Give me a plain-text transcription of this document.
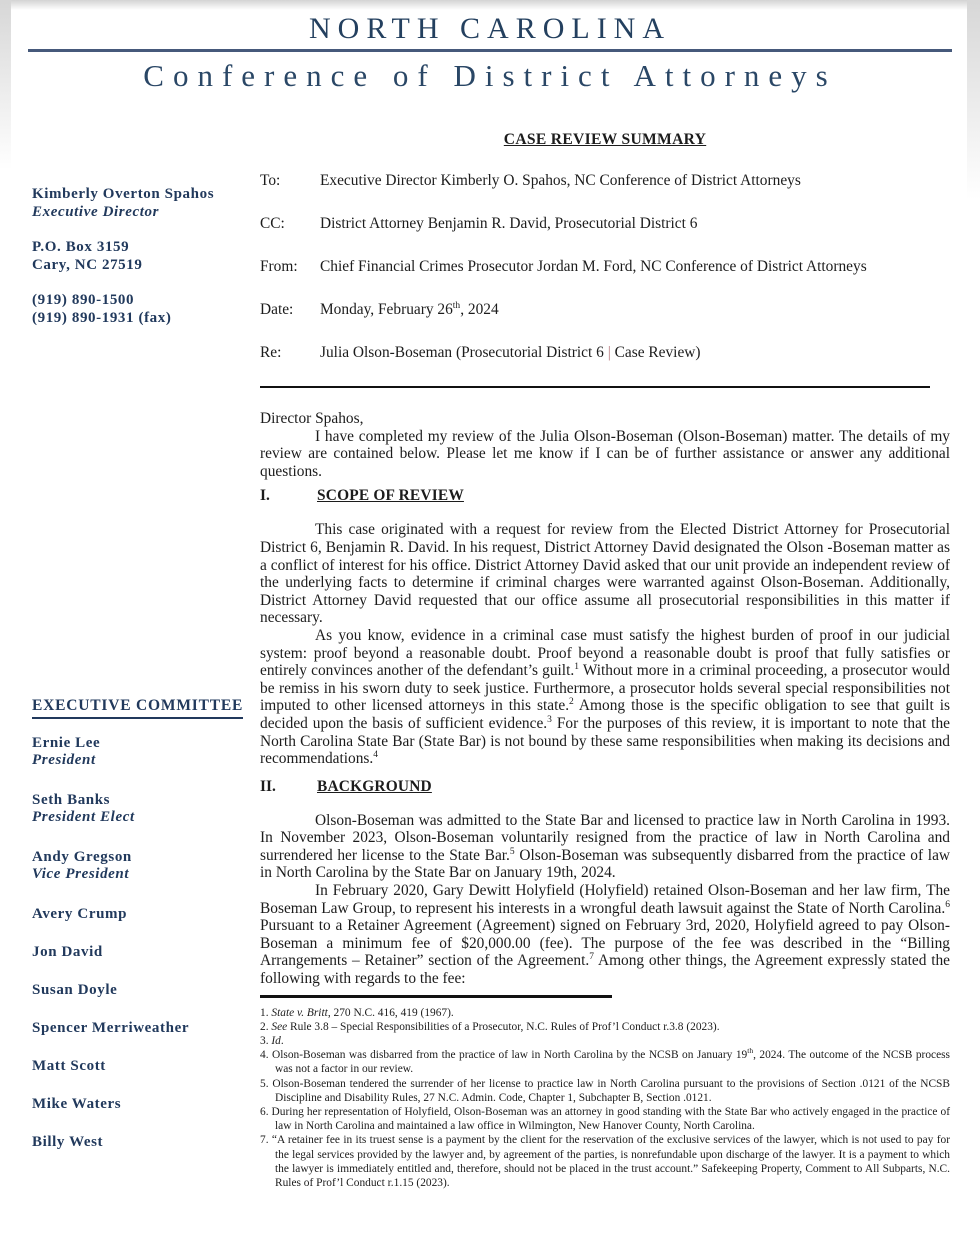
NORTH CAROLINA
Conference of District Attorneys
Kimberly Overton Spahos
Executive Director
P.O. Box 3159
Cary, NC 27519
(919) 890-1500
(919) 890-1931 (fax)
EXECUTIVE COMMITTEE
Ernie Lee
President
Seth Banks
President Elect
Andy Gregson
Vice President
Avery Crump
Jon David
Susan Doyle
Spencer Merriweather
Matt Scott
Mike Waters
Billy West
CASE REVIEW SUMMARY
To:	Executive Director Kimberly O. Spahos, NC Conference of District Attorneys
CC:	District Attorney Benjamin R. David, Prosecutorial District 6
From:	Chief Financial Crimes Prosecutor Jordan M. Ford, NC Conference of District Attorneys
Date:	Monday, February 26th, 2024
Re:	Julia Olson-Boseman (Prosecutorial District 6 | Case Review)

Director Spahos,

I have completed my review of the Julia Olson-Boseman (Olson-Boseman) matter. The details of my review are contained below. Please let me know if I can be of further assistance or answer any additional questions.

I.	SCOPE OF REVIEW

This case originated with a request for review from the Elected District Attorney for Prosecutorial District 6, Benjamin R. David. In his request, District Attorney David designated the Olson -Boseman matter as a conflict of interest for his office. District Attorney David asked that our unit provide an independent review of the underlying facts to determine if criminal charges were warranted against Olson-Boseman. Additionally, District Attorney David requested that our office assume all prosecutorial responsibilities in this matter if necessary.

As you know, evidence in a criminal case must satisfy the highest burden of proof in our judicial system: proof beyond a reasonable doubt. Proof beyond a reasonable doubt is proof that fully satisfies or entirely convinces another of the defendant’s guilt.$^1$ Without more in a criminal proceeding, a prosecutor would be remiss in his sworn duty to seek justice. Furthermore, a prosecutor holds several special responsibilities not imputed to other licensed attorneys in this state.$^2$ Among those is the specific obligation to see that guilt is decided upon the basis of sufficient evidence.$^3$ For the purposes of this review, it is important to note that the North Carolina State Bar (State Bar) is not bound by these same responsibilities when making its decisions and recommendations.$^4$

II.	BACKGROUND

Olson-Boseman was admitted to the State Bar and licensed to practice law in North Carolina in 1993. In November 2023, Olson-Boseman voluntarily resigned from the practice of law in North Carolina and surrendered her license to the State Bar.$^5$ Olson-Boseman was subsequently disbarred from the practice of law in North Carolina by the State Bar on January 19th, 2024.

In February 2020, Gary Dewitt Holyfield (Holyfield) retained Olson-Boseman and her law firm, The Boseman Law Group, to represent his interests in a wrongful death lawsuit against the State of North Carolina.$^6$ Pursuant to a Retainer Agreement (Agreement) signed on February 3rd, 2020, Holyfield agreed to pay Olson-Boseman a minimum fee of $20,000.00 (fee). The purpose of the fee was described in the “Billing Arrangements – Retainer” section of the Agreement.$^7$ Among other things, the Agreement expressly stated the following with regards to the fee:

1. State v. Britt, 270 N.C. 416, 419 (1967).

2. See Rule 3.8 – Special Responsibilities of a Prosecutor, N.C. Rules of Prof’l Conduct r.3.8 (2023).

3. Id.

4. Olson-Boseman was disbarred from the practice of law in North Carolina by the NCSB on January 19th, 2024. The outcome of the NCSB process was not a factor in our review.

5. Olson-Boseman tendered the surrender of her license to practice law in North Carolina pursuant to the provisions of Section .0121 of the NCSB Discipline and Disability Rules, 27 N.C. Admin. Code, Chapter 1, Subchapter B, Section .0121.

6. During her representation of Holyfield, Olson-Boseman was an attorney in good standing with the State Bar who actively engaged in the practice of law in North Carolina and maintained a law office in Wilmington, New Hanover County, North Carolina.

7. “A retainer fee in its truest sense is a payment by the client for the reservation of the exclusive services of the lawyer, which is not used to pay for the legal services provided by the lawyer and, by agreement of the parties, is nonrefundable upon discharge of the lawyer. It is a payment to which the lawyer is immediately entitled and, therefore, should not be placed in the trust account.” Safekeeping Property, Comment to All Subparts, N.C. Rules of Prof’l Conduct r.1.15 (2023).
